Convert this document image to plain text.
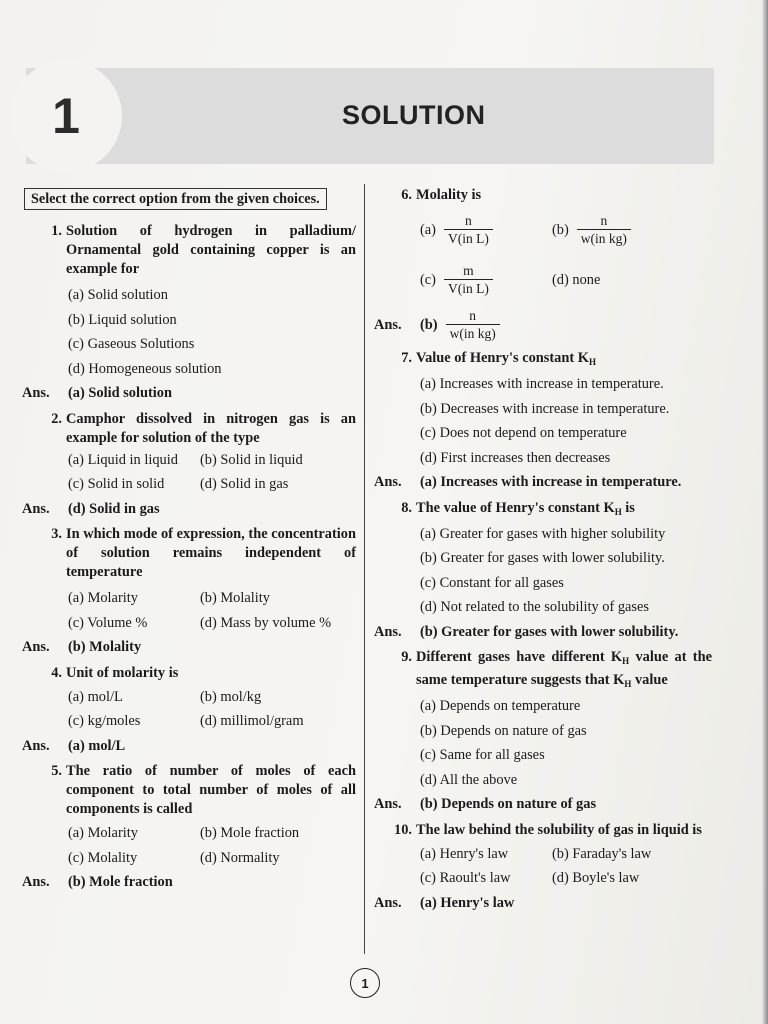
1	SOLUTION
Select the correct option from the given choices.
1. Solution of hydrogen in palladium/ Ornamental gold containing copper is an example for
(a) Solid solution
(b) Liquid solution
(c) Gaseous Solutions
(d) Homogeneous solution
Ans.	(a) Solid solution
2. Camphor dissolved in nitrogen gas is an example for solution of the type
(a) Liquid in liquid	(b) Solid in liquid
(c) Solid in solid	(d) Solid in gas
Ans.	(d) Solid in gas
3. In which mode of expression, the concentration of solution remains independent of temperature
(a) Molarity	(b) Molality
(c) Volume %	(d) Mass by volume %
Ans.	(b) Molality
4. Unit of molarity is
(a) mol/L	(b) mol/kg
(c) kg/moles	(d) millimol/gram
Ans.	(a) mol/L
5. The ratio of number of moles of each component to total number of moles of all components is called
(a) Molarity	(b) Mole fraction
(c) Molality	(d) Normality
Ans.	(b) Mole fraction
6. Molality is
$(a) \frac{n}{\text{V(in L)}}$	$(b) \frac{n}{\text{w(in kg)}}$
$(c) \frac{m}{\text{V(in L)}}$	(d) none
Ans.	$(b) \frac{n}{\text{w(in kg)}}$
7. Value of Henry's constant $K_H$
(a) Increases with increase in temperature.
(b) Decreases with increase in temperature.
(c) Does not depend on temperature
(d) First increases then decreases
Ans.	(a) Increases with increase in temperature.
8. The value of Henry's constant $K_H$ is
(a) Greater for gases with higher solubility
(b) Greater for gases with lower solubility.
(c) Constant for all gases
(d) Not related to the solubility of gases
Ans.	(b) Greater for gases with lower solubility.
9. Different gases have different $K_H$ value at the same temperature suggests that $K_H$ value
(a) Depends on temperature
(b) Depends on nature of gas
(c) Same for all gases
(d) All the above
Ans.	(b) Depends on nature of gas
10. The law behind the solubility of gas in liquid is
(a) Henry's law	(b) Faraday's law
(c) Raoult's law	(d) Boyle's law
Ans.	(a) Henry's law
1
